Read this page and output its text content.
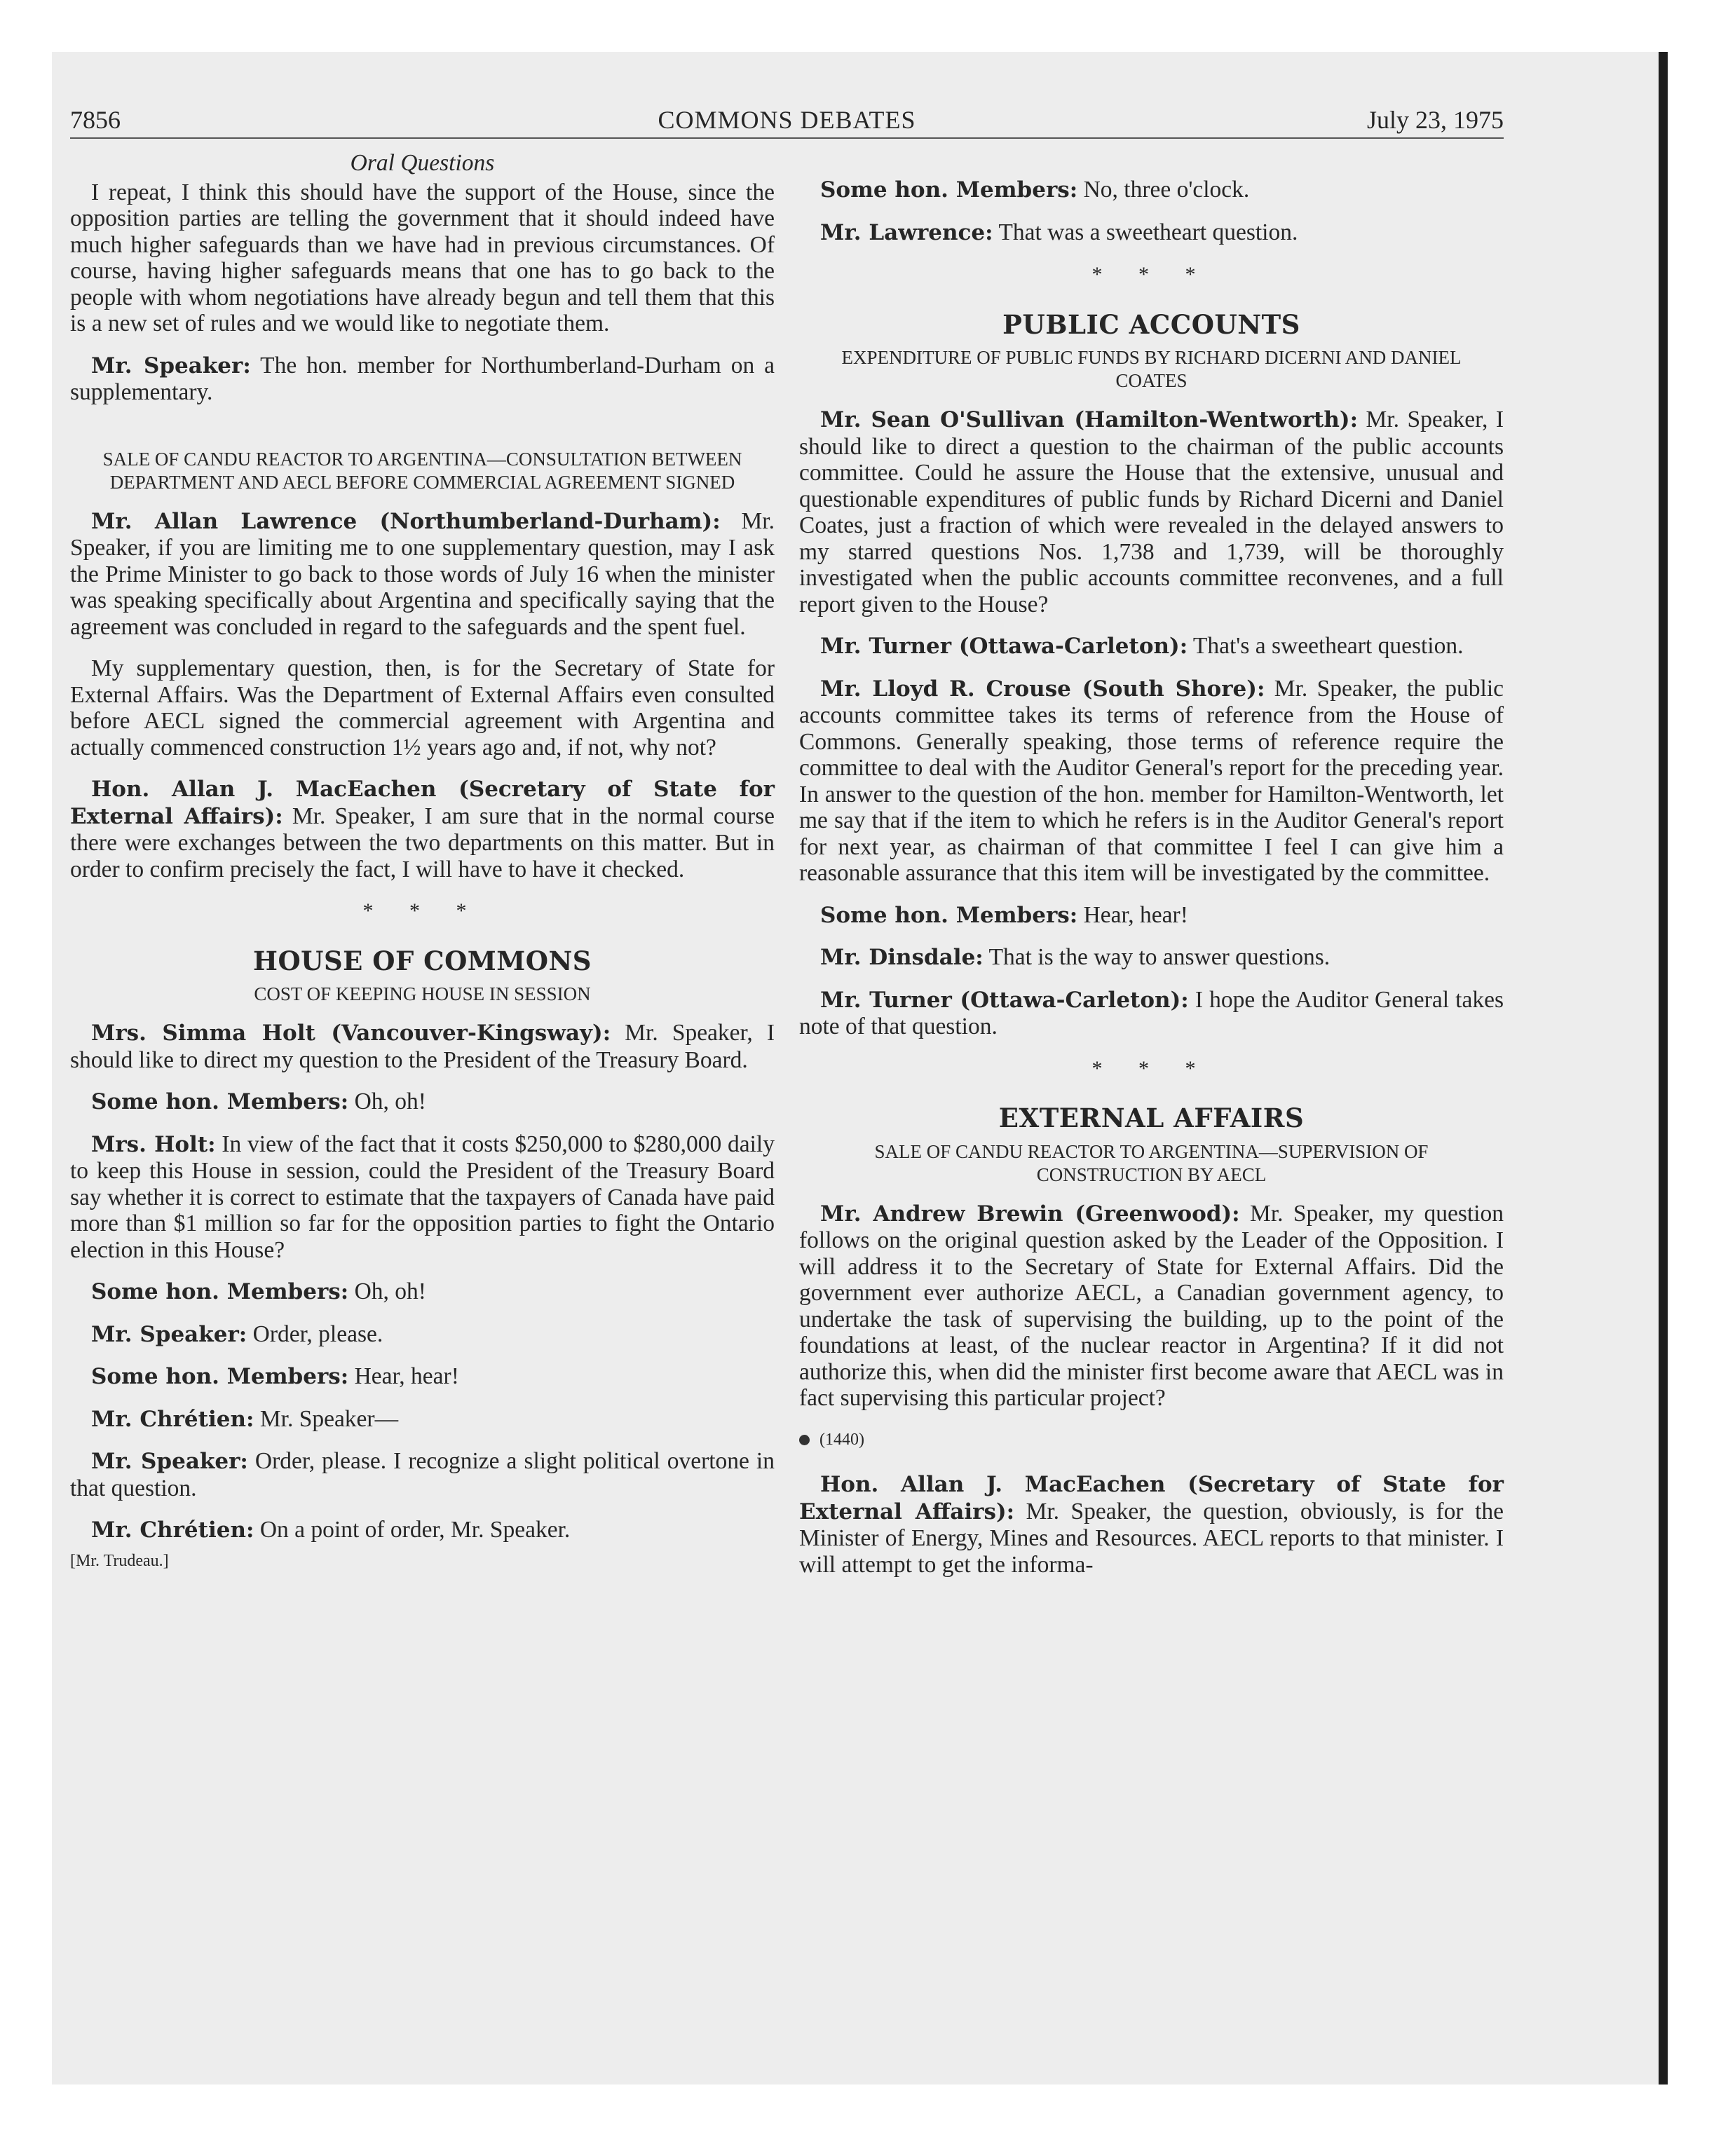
7856	COMMONS DEBATES	July 23, 1975
Oral Questions

I repeat, I think this should have the support of the House, since the opposition parties are telling the government that it should indeed have much higher safeguards than we have had in previous circumstances. Of course, having higher safeguards means that one has to go back to the people with whom negotiations have already begun and tell them that this is a new set of rules and we would like to negotiate them.

Mr. Speaker: The hon. member for Northumberland-Durham on a supplementary.

SALE OF CANDU REACTOR TO ARGENTINA—CONSULTATION BETWEEN DEPARTMENT AND AECL BEFORE COMMERCIAL AGREEMENT SIGNED

Mr. Allan Lawrence (Northumberland-Durham): Mr. Speaker, if you are limiting me to one supplementary question, may I ask the Prime Minister to go back to those words of July 16 when the minister was speaking specifically about Argentina and specifically saying that the agreement was concluded in regard to the safeguards and the spent fuel.

My supplementary question, then, is for the Secretary of State for External Affairs. Was the Department of External Affairs even consulted before AECL signed the commercial agreement with Argentina and actually commenced construction 1½ years ago and, if not, why not?

Hon. Allan J. MacEachen (Secretary of State for External Affairs): Mr. Speaker, I am sure that in the normal course there were exchanges between the two departments on this matter. But in order to confirm precisely the fact, I will have to have it checked.

* * *
HOUSE OF COMMONS
COST OF KEEPING HOUSE IN SESSION

Mrs. Simma Holt (Vancouver-Kingsway): Mr. Speaker, I should like to direct my question to the President of the Treasury Board.

Some hon. Members: Oh, oh!

Mrs. Holt: In view of the fact that it costs $250,000 to $280,000 daily to keep this House in session, could the President of the Treasury Board say whether it is correct to estimate that the taxpayers of Canada have paid more than $1 million so far for the opposition parties to fight the Ontario election in this House?

Some hon. Members: Oh, oh!

Mr. Speaker: Order, please.

Some hon. Members: Hear, hear!

Mr. Chrétien: Mr. Speaker—

Mr. Speaker: Order, please. I recognize a slight political overtone in that question.

Mr. Chrétien: On a point of order, Mr. Speaker.

[Mr. Trudeau.]

Some hon. Members: No, three o'clock.

Mr. Lawrence: That was a sweetheart question.

* * *
PUBLIC ACCOUNTS
EXPENDITURE OF PUBLIC FUNDS BY RICHARD DICERNI AND DANIEL COATES

Mr. Sean O'Sullivan (Hamilton-Wentworth): Mr. Speaker, I should like to direct a question to the chairman of the public accounts committee. Could he assure the House that the extensive, unusual and questionable expenditures of public funds by Richard Dicerni and Daniel Coates, just a fraction of which were revealed in the delayed answers to my starred questions Nos. 1,738 and 1,739, will be thoroughly investigated when the public accounts committee reconvenes, and a full report given to the House?

Mr. Turner (Ottawa-Carleton): That's a sweetheart question.

Mr. Lloyd R. Crouse (South Shore): Mr. Speaker, the public accounts committee takes its terms of reference from the House of Commons. Generally speaking, those terms of reference require the committee to deal with the Auditor General's report for the preceding year. In answer to the question of the hon. member for Hamilton-Wentworth, let me say that if the item to which he refers is in the Auditor General's report for next year, as chairman of that committee I feel I can give him a reasonable assurance that this item will be investigated by the committee.

Some hon. Members: Hear, hear!

Mr. Dinsdale: That is the way to answer questions.

Mr. Turner (Ottawa-Carleton): I hope the Auditor General takes note of that question.

* * *
EXTERNAL AFFAIRS
SALE OF CANDU REACTOR TO ARGENTINA—SUPERVISION OF CONSTRUCTION BY AECL

Mr. Andrew Brewin (Greenwood): Mr. Speaker, my question follows on the original question asked by the Leader of the Opposition. I will address it to the Secretary of State for External Affairs. Did the government ever authorize AECL, a Canadian government agency, to undertake the task of supervising the building, up to the point of the foundations at least, of the nuclear reactor in Argentina? If it did not authorize this, when did the minister first become aware that AECL was in fact supervising this particular project?

(1440)

Hon. Allan J. MacEachen (Secretary of State for External Affairs): Mr. Speaker, the question, obviously, is for the Minister of Energy, Mines and Resources. AECL reports to that minister. I will attempt to get the informa-
